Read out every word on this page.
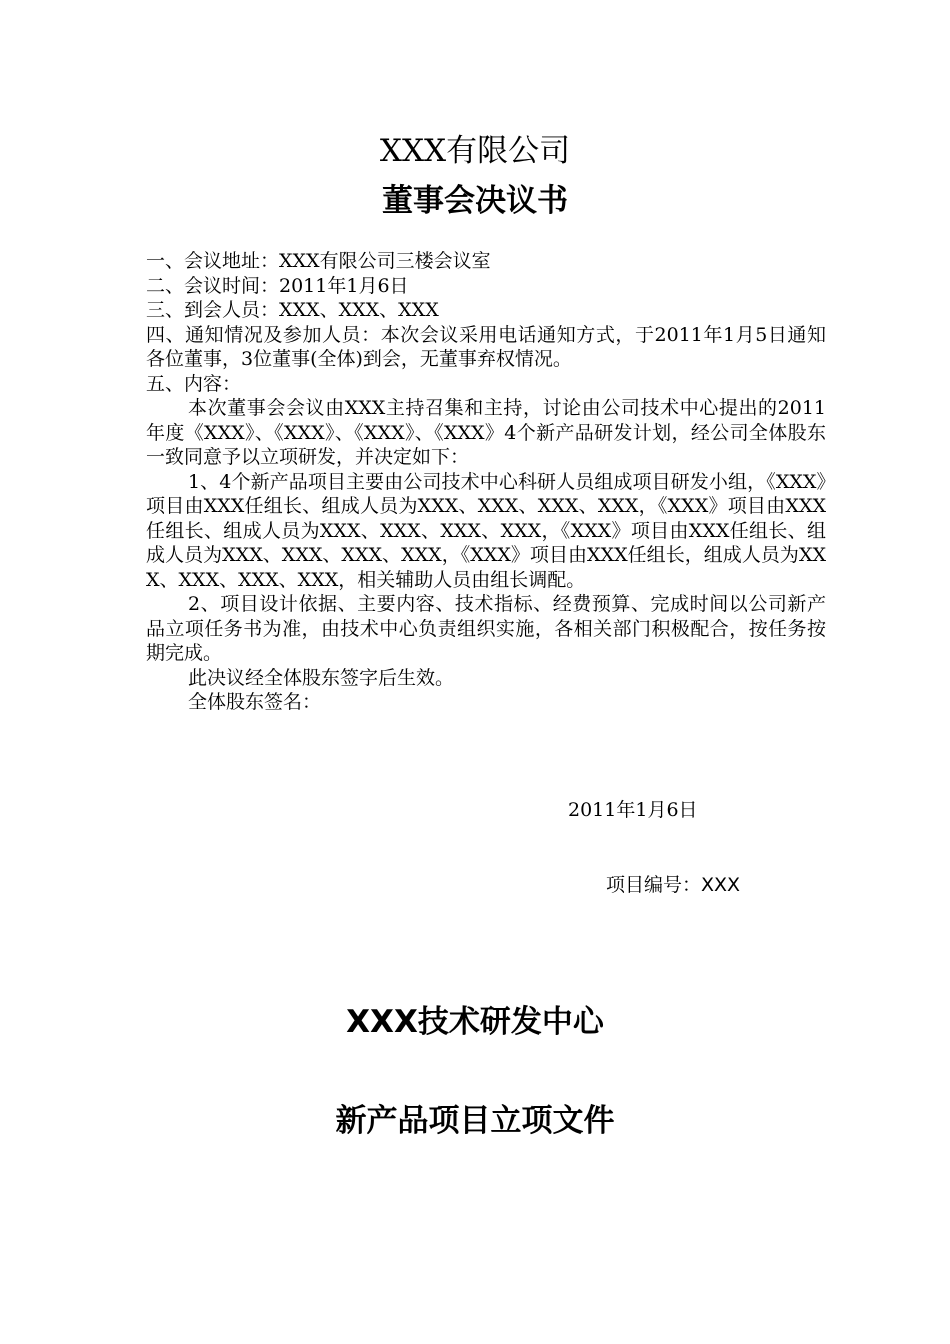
XXX有限公司
董事会决议书

一、会议地址：XXX有限公司三楼会议室

二、会议时间：2011年1月6日

三、到会人员：XXX、XXX、XXX

四、通知情况及参加人员：本次会议采用电话通知方式，于2011年1月5日通知各位董事，3位董事(全体)到会，无董事弃权情况。

五、内容：

本次董事会会议由XXX主持召集和主持，讨论由公司技术中心提出的2011年度《XXX》、《XXX》、《XXX》、《XXX》4个新产品研发计划，经公司全体股东一致同意予以立项研发，并决定如下：

1、4个新产品项目主要由公司技术中心科研人员组成项目研发小组，《XXX》项目由XXX任组长、组成人员为XXX、XXX、XXX、XXX，《XXX》项目由XXX任组长、组成人员为XXX、XXX、XXX、XXX，《XXX》项目由XXX任组长、组成人员为XXX、XXX、XXX、XXX，《XXX》项目由XXX任组长，组成人员为XXX、XXX、XXX、XXX，相关辅助人员由组长调配。

2、项目设计依据、主要内容、技术指标、经费预算、完成时间以公司新产品立项任务书为准，由技术中心负责组织实施，各相关部门积极配合，按任务按期完成。

此决议经全体股东签字后生效。

全体股东签名：

2011年1月6日
项目编号：XXX
XXX技术研发中心
新产品项目立项文件
